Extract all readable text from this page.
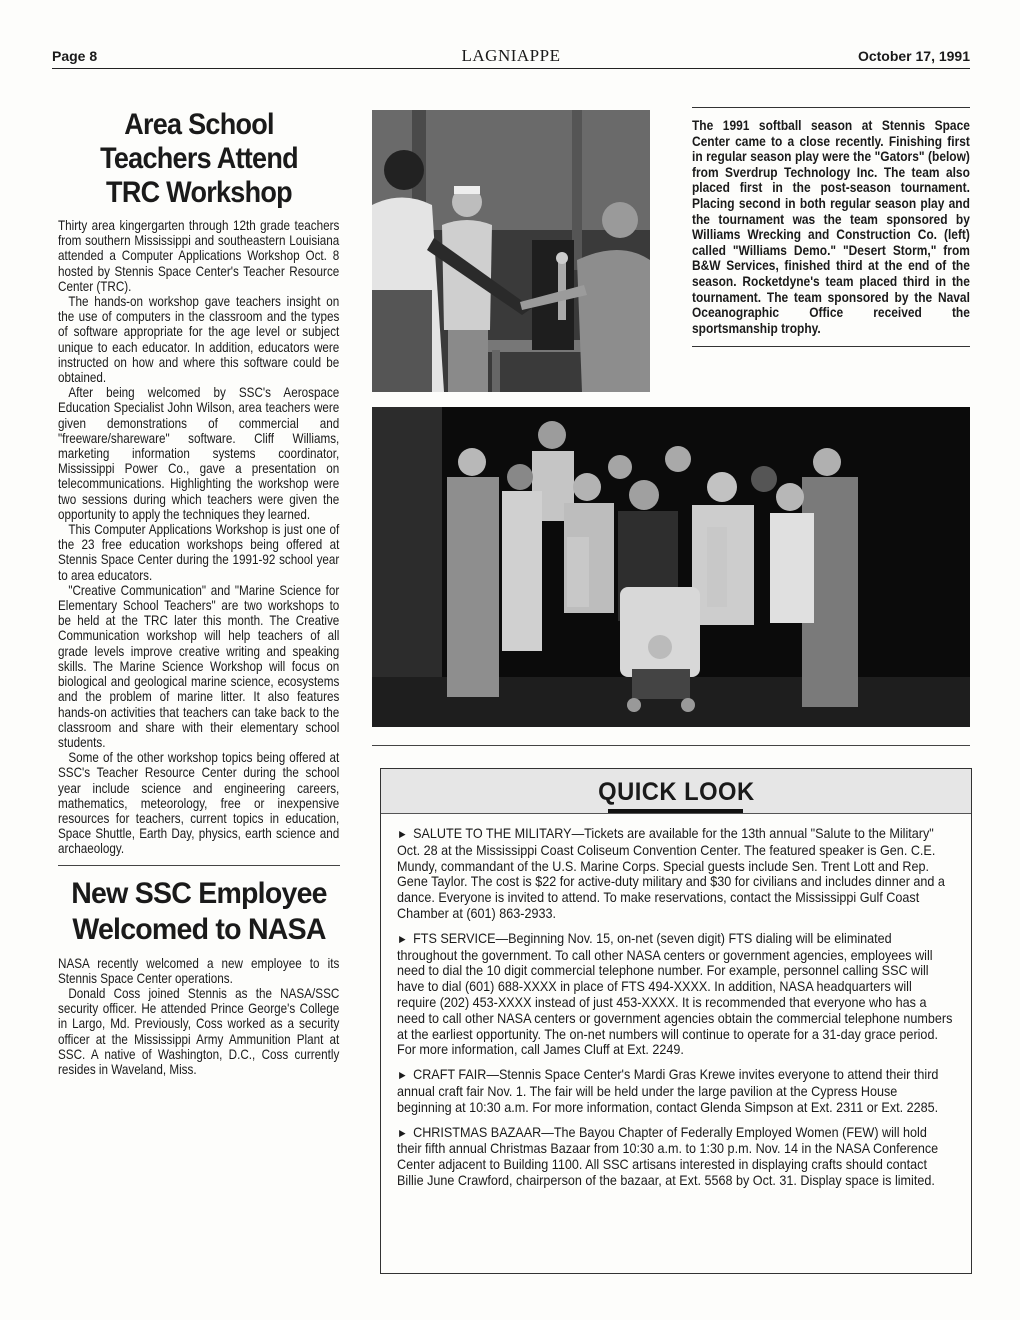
Page 8	LAGNIAPPE	October 17, 1991
Area School Teachers Attend TRC Workshop

Thirty area kingergarten through 12th grade teachers from southern Mississippi and southeastern Louisiana attended a Computer Applications Workshop Oct. 8 hosted by Stennis Space Center's Teacher Resource Center (TRC).

The hands-on workshop gave teachers insight on the use of computers in the classroom and the types of software appropriate for the age level or subject unique to each educator. In addition, educators were instructed on how and where this software could be obtained.

After being welcomed by SSC's Aerospace Education Specialist John Wilson, area teachers were given demonstrations of commercial and "freeware/shareware" software. Cliff Williams, marketing information systems coordinator, Mississippi Power Co., gave a presentation on telecommunications. Highlighting the workshop were two sessions during which teachers were given the opportunity to apply the techniques they learned.

This Computer Applications Workshop is just one of the 23 free education workshops being offered at Stennis Space Center during the 1991-92 school year to area educators.

"Creative Communication" and "Marine Science for Elementary School Teachers" are two workshops to be held at the TRC later this month. The Creative Communication workshop will help teachers of all grade levels improve creative writing and speaking skills. The Marine Science Workshop will focus on biological and geological marine science, ecosystems and the problem of marine litter. It also features hands-on activities that teachers can take back to the classroom and share with their elementary school students.

Some of the other workshop topics being offered at SSC's Teacher Resource Center during the school year include science and engineering careers, mathematics, meteorology, free or inexpensive resources for teachers, current topics in education, Space Shuttle, Earth Day, physics, earth science and archaeology.

New SSC Employee Welcomed to NASA

NASA recently welcomed a new employee to its Stennis Space Center operations.

Donald Coss joined Stennis as the NASA/SSC security officer. He attended Prince George's College in Largo, Md. Previously, Coss worked as a security officer at the Mississippi Army Ammunition Plant at SSC. A native of Washington, D.C., Coss currently resides in Waveland, Miss.

The 1991 softball season at Stennis Space Center came to a close recently. Finishing first in regular season play were the "Gators" (below) from Sverdrup Technology Inc. The team also placed first in the post-season tournament. Placing second in both regular season play and the tournament was the team sponsored by Williams Wrecking and Construction Co. (left) called "Williams Demo." "Desert Storm," from B&W Services, finished third at the end of the season. Rocketdyne's team placed third in the tournament. The team sponsored by the Naval Oceanographic Office received the sportsmanship trophy.
QUICK LOOK
► SALUTE TO THE MILITARY—Tickets are available for the 13th annual "Salute to the Military" Oct. 28 at the Mississippi Coast Coliseum Convention Center. The featured speaker is Gen. C.E. Mundy, commandant of the U.S. Marine Corps. Special guests include Sen. Trent Lott and Rep. Gene Taylor. The cost is $22 for active-duty military and $30 for civilians and includes dinner and a dance. Everyone is invited to attend. To make reservations, contact the Mississippi Gulf Coast Chamber at (601) 863-2933.
► FTS SERVICE—Beginning Nov. 15, on-net (seven digit) FTS dialing will be eliminated throughout the government. To call other NASA centers or government agencies, employees will need to dial the 10 digit commercial telephone number. For example, personnel calling SSC will have to dial (601) 688-XXXX in place of FTS 494-XXXX. In addition, NASA headquarters will require (202) 453-XXXX instead of just 453-XXXX. It is recommended that everyone who has a need to call other NASA centers or government agencies obtain the commercial telephone numbers at the earliest opportunity. The on-net numbers will continue to operate for a 31-day grace period. For more information, call James Cluff at Ext. 2249.
► CRAFT FAIR—Stennis Space Center's Mardi Gras Krewe invites everyone to attend their third annual craft fair Nov. 1. The fair will be held under the large pavilion at the Cypress House beginning at 10:30 a.m. For more information, contact Glenda Simpson at Ext. 2311 or Ext. 2285.
► CHRISTMAS BAZAAR—The Bayou Chapter of Federally Employed Women (FEW) will hold their fifth annual Christmas Bazaar from 10:30 a.m. to 1:30 p.m. Nov. 14 in the NASA Conference Center adjacent to Building 1100. All SSC artisans interested in displaying crafts should contact Billie June Crawford, chairperson of the bazaar, at Ext. 5568 by Oct. 31. Display space is limited.
